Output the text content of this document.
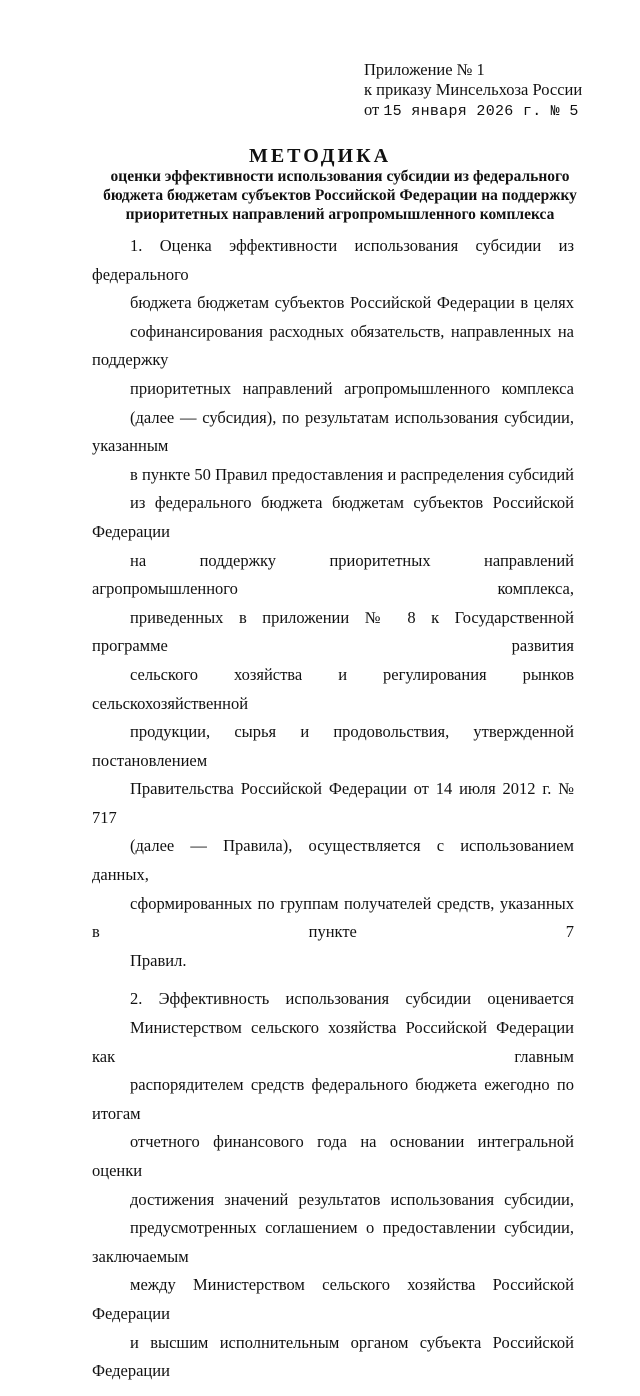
Приложение № 1
к приказу Минсельхоза России
от 15 января 2026 г. № 5
МЕТОДИКА
оценки эффективности использования субсидии из федерального
бюджета бюджетам субъектов Российской Федерации на поддержку
приоритетных направлений агропромышленного комплекса

1. Оценка эффективности использования субсидии из федерального
бюджета бюджетам субъектов Российской Федерации в целях
софинансирования расходных обязательств, направленных на поддержку
приоритетных направлений агропромышленного комплекса
(далее — субсидия), по результатам использования субсидии, указанным
в пункте 50 Правил предоставления и распределения субсидий
из федерального бюджета бюджетам субъектов Российской Федерации
на поддержку приоритетных направлений агропромышленного комплекса,
приведенных в приложении № 8 к Государственной программе развития
сельского хозяйства и регулирования рынков сельскохозяйственной
продукции, сырья и продовольствия, утвержденной постановлением
Правительства Российской Федерации от 14 июля 2012 г. № 717
(далее — Правила), осуществляется с использованием данных,
сформированных по группам получателей средств, указанных в пункте 7
Правил.

2. Эффективность использования субсидии оценивается
Министерством сельского хозяйства Российской Федерации как главным
распорядителем средств федерального бюджета ежегодно по итогам
отчетного финансового года на основании интегральной оценки
достижения значений результатов использования субсидии,
предусмотренных соглашением о предоставлении субсидии, заключаемым
между Министерством сельского хозяйства Российской Федерации
и высшим исполнительным органом субъекта Российской Федерации
